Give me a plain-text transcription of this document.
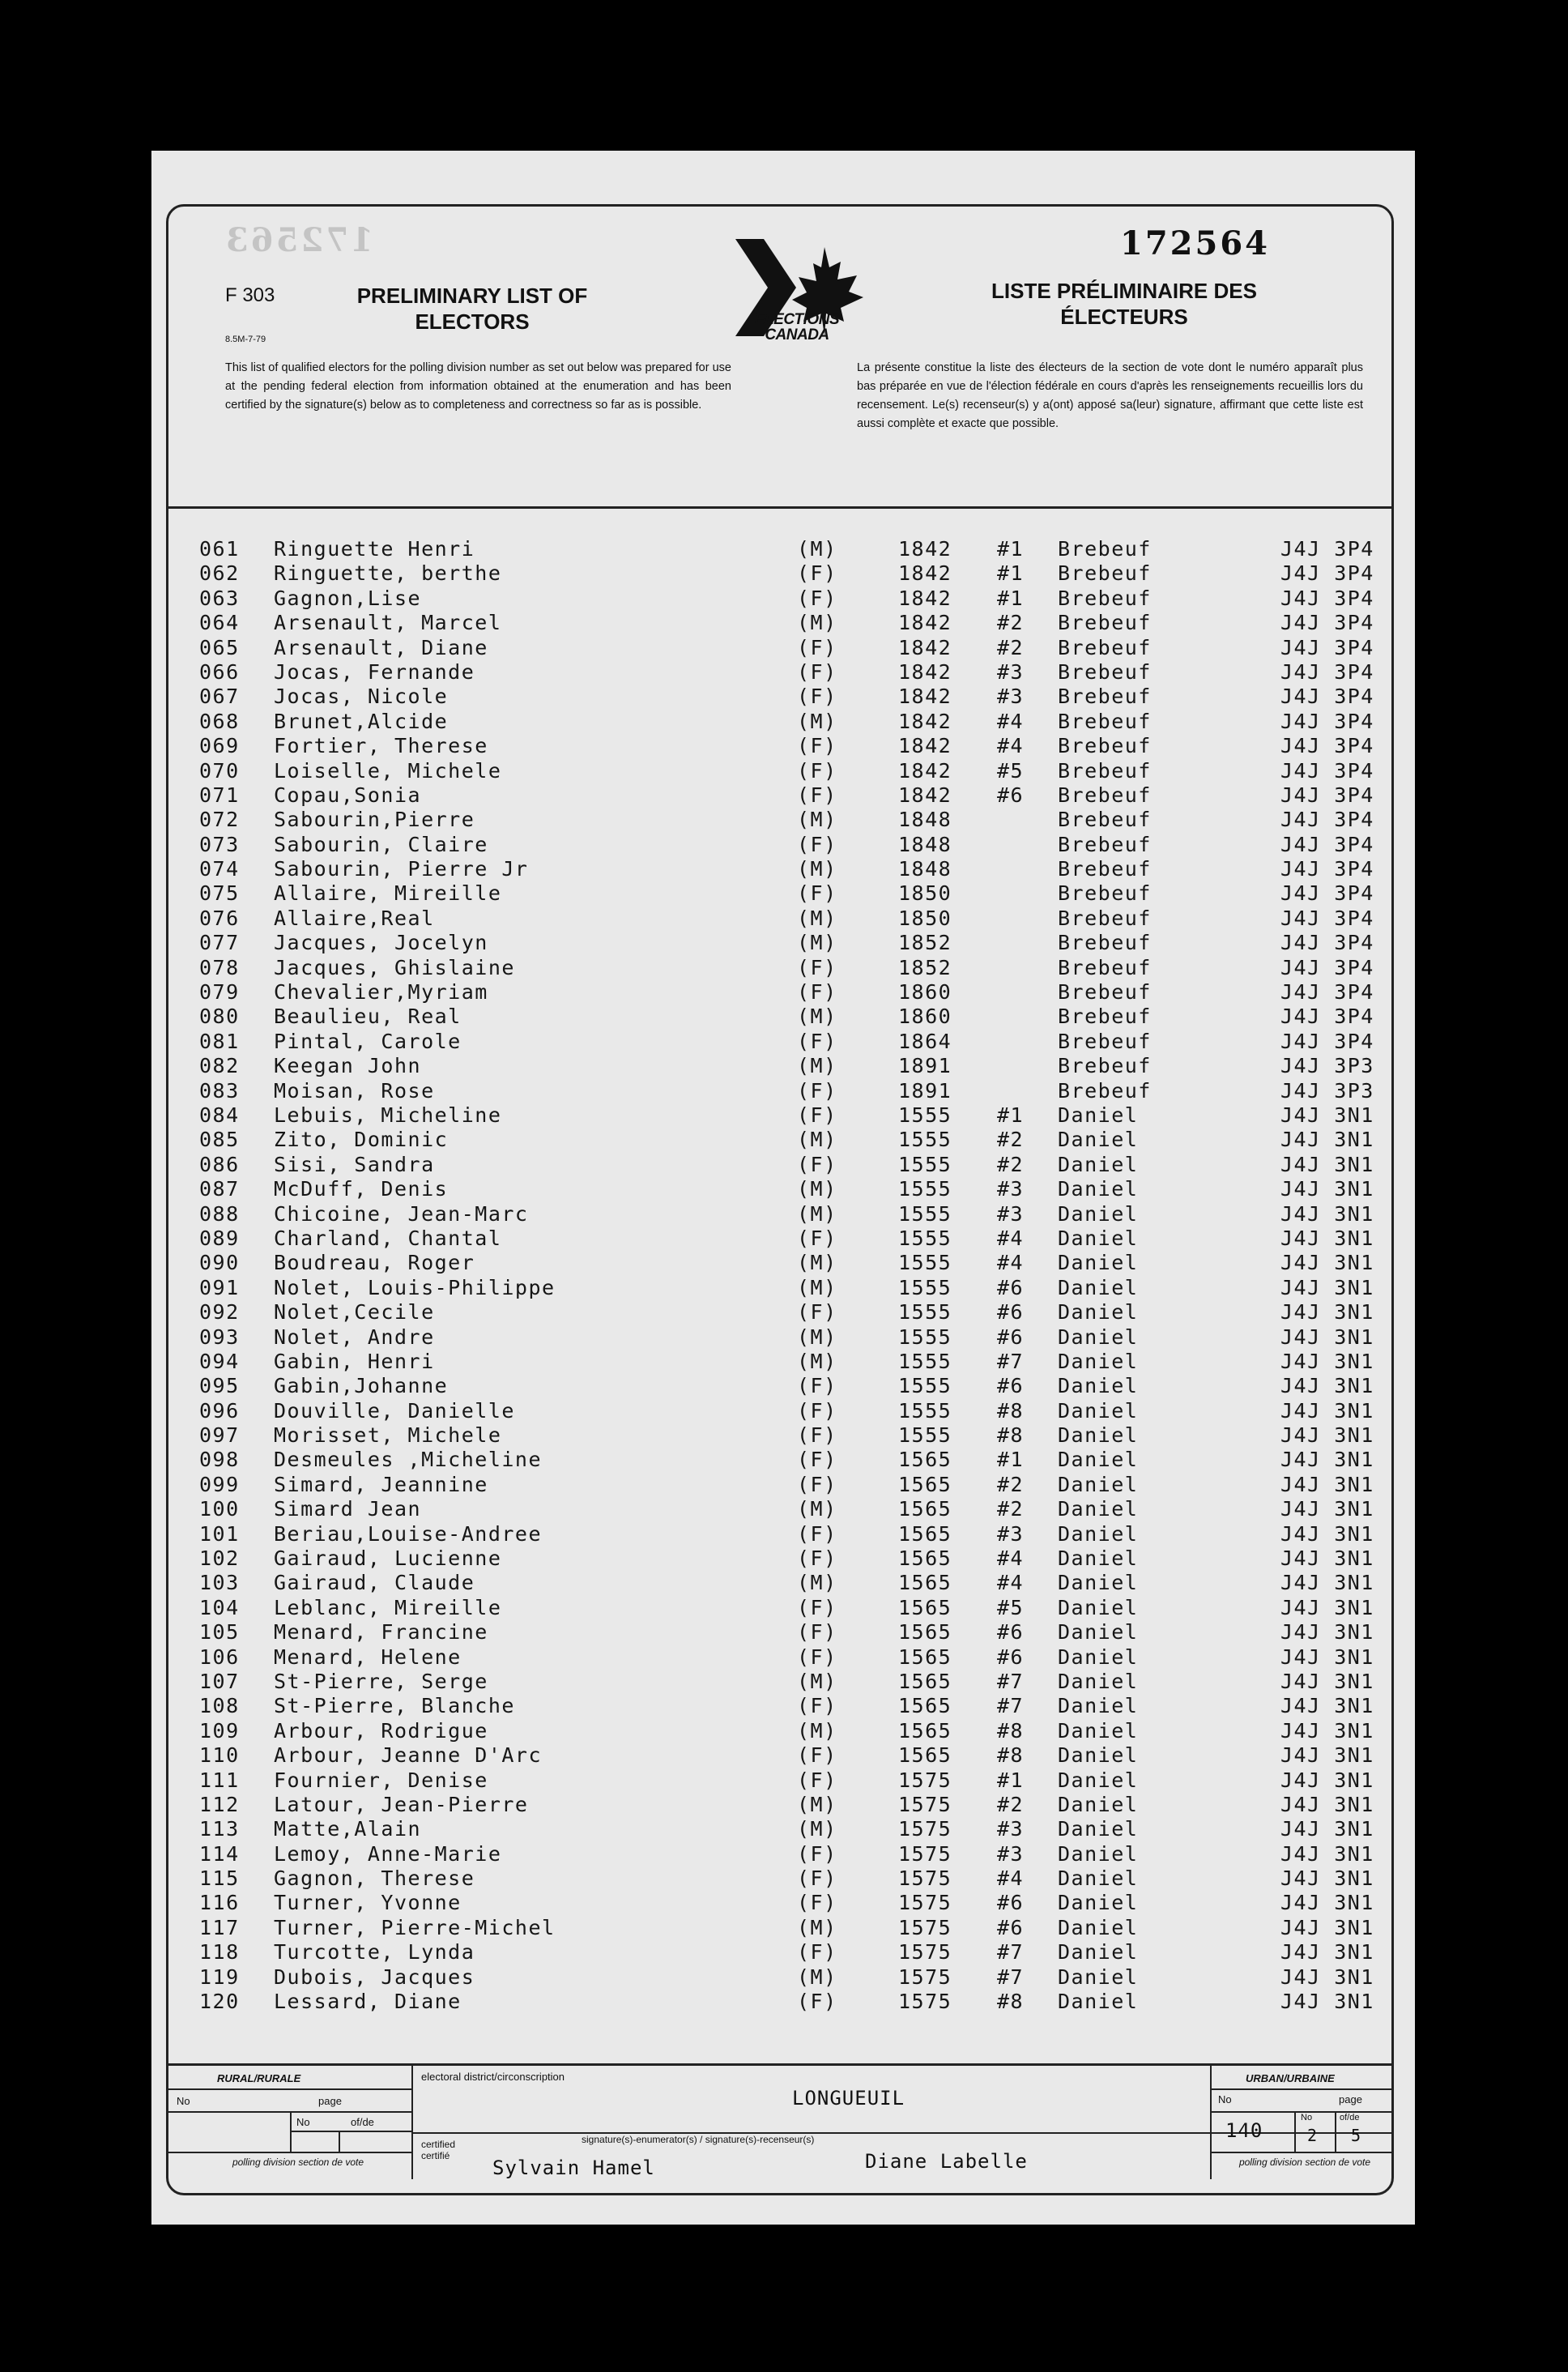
172563	172564
F 303
8.5M-7-79
PRELIMINARY LIST OF ELECTORS
LISTE PRÉLIMINAIRE DES ÉLECTEURS
ELECTIONS
CANADA
This list of qualified electors for the polling division number as set out below was prepared for use at the pending federal election from information obtained at the enumeration and has been certified by the signature(s) below as to completeness and correctness so far as is possible.
La présente constitue la liste des électeurs de la section de vote dont le numéro apparaît plus bas préparée en vue de l'élection fédérale en cours d'après les renseignements recueillis lors du recensement. Le(s) recenseur(s) y a(ont) apposé sa(leur) signature, affirmant que cette liste est aussi complète et exacte que possible.
061 Ringuette Henri	(M)	1842 #1 Brebeuf	J4J 3P4
062 Ringuette, berthe	(F)	1842 #1 Brebeuf	J4J 3P4
063 Gagnon,Lise	(F)	1842 #1 Brebeuf	J4J 3P4
064 Arsenault, Marcel	(M)	1842 #2 Brebeuf	J4J 3P4
065 Arsenault, Diane	(F)	1842 #2 Brebeuf	J4J 3P4
066 Jocas, Fernande	(F)	1842 #3 Brebeuf	J4J 3P4
067 Jocas, Nicole	(F)	1842 #3 Brebeuf	J4J 3P4
068 Brunet,Alcide	(M)	1842 #4 Brebeuf	J4J 3P4
069 Fortier, Therese	(F)	1842 #4 Brebeuf	J4J 3P4
070 Loiselle, Michele	(F)	1842 #5 Brebeuf	J4J 3P4
071 Copau,Sonia	(F)	1842 #6 Brebeuf	J4J 3P4
072 Sabourin,Pierre	(M)	1848	Brebeuf	J4J 3P4
073 Sabourin, Claire	(F)	1848	Brebeuf	J4J 3P4
074 Sabourin, Pierre Jr	(M)	1848	Brebeuf	J4J 3P4
075 Allaire, Mireille	(F)	1850	Brebeuf	J4J 3P4
076 Allaire,Real	(M)	1850	Brebeuf	J4J 3P4
077 Jacques, Jocelyn	(M)	1852	Brebeuf	J4J 3P4
078 Jacques, Ghislaine	(F)	1852	Brebeuf	J4J 3P4
079 Chevalier,Myriam	(F)	1860	Brebeuf	J4J 3P4
080 Beaulieu, Real	(M)	1860	Brebeuf	J4J 3P4
081 Pintal, Carole	(F)	1864	Brebeuf	J4J 3P4
082 Keegan John	(M)	1891	Brebeuf	J4J 3P3
083 Moisan, Rose	(F)	1891	Brebeuf	J4J 3P3
084 Lebuis, Micheline	(F)	1555 #1 Daniel	J4J 3N1
085 Zito, Dominic	(M)	1555 #2 Daniel	J4J 3N1
086 Sisi, Sandra	(F)	1555 #2 Daniel	J4J 3N1
087 McDuff, Denis	(M)	1555 #3 Daniel	J4J 3N1
088 Chicoine, Jean-Marc	(M)	1555 #3 Daniel	J4J 3N1
089 Charland, Chantal	(F)	1555 #4 Daniel	J4J 3N1
090 Boudreau, Roger	(M)	1555 #4 Daniel	J4J 3N1
091 Nolet, Louis-Philippe	(M)	1555 #6 Daniel	J4J 3N1
092 Nolet,Cecile	(F)	1555 #6 Daniel	J4J 3N1
093 Nolet, Andre	(M)	1555 #6 Daniel	J4J 3N1
094 Gabin, Henri	(M)	1555 #7 Daniel	J4J 3N1
095 Gabin,Johanne	(F)	1555 #6 Daniel	J4J 3N1
096 Douville, Danielle	(F)	1555 #8 Daniel	J4J 3N1
097 Morisset, Michele	(F)	1555 #8 Daniel	J4J 3N1
098 Desmeules ,Micheline	(F)	1565 #1 Daniel	J4J 3N1
099 Simard, Jeannine	(F)	1565 #2 Daniel	J4J 3N1
100 Simard Jean	(M)	1565 #2 Daniel	J4J 3N1
101 Beriau,Louise-Andree	(F)	1565 #3 Daniel	J4J 3N1
102 Gairaud, Lucienne	(F)	1565 #4 Daniel	J4J 3N1
103 Gairaud, Claude	(M)	1565 #4 Daniel	J4J 3N1
104 Leblanc, Mireille	(F)	1565 #5 Daniel	J4J 3N1
105 Menard, Francine	(F)	1565 #6 Daniel	J4J 3N1
106 Menard, Helene	(F)	1565 #6 Daniel	J4J 3N1
107 St-Pierre, Serge	(M)	1565 #7 Daniel	J4J 3N1
108 St-Pierre, Blanche	(F)	1565 #7 Daniel	J4J 3N1
109 Arbour, Rodrigue	(M)	1565 #8 Daniel	J4J 3N1
110 Arbour, Jeanne D'Arc	(F)	1565 #8 Daniel	J4J 3N1
111 Fournier, Denise	(F)	1575 #1 Daniel	J4J 3N1
112 Latour, Jean-Pierre	(M)	1575 #2 Daniel	J4J 3N1
113 Matte,Alain	(M)	1575 #3 Daniel	J4J 3N1
114 Lemoy, Anne-Marie	(F)	1575 #3 Daniel	J4J 3N1
115 Gagnon, Therese	(F)	1575 #4 Daniel	J4J 3N1
116 Turner, Yvonne	(F)	1575 #6 Daniel	J4J 3N1
117 Turner, Pierre-Michel	(M)	1575 #6 Daniel	J4J 3N1
118 Turcotte, Lynda	(F)	1575 #7 Daniel	J4J 3N1
119 Dubois, Jacques	(M)	1575 #7 Daniel	J4J 3N1
120 Lessard, Diane	(F)	1575 #8 Daniel	J4J 3N1
RURAL/RURALE
No	page
No	of/de
polling division section de vote
electoral district/circonscription
LONGUEUIL
certified certifié
signature(s)-enumerator(s) / signature(s)-recenseur(s)
Sylvain Hamel	Diane Labelle
URBAN/URBAINE
No	page
140
No
2
of/de
5
polling division section de vote
